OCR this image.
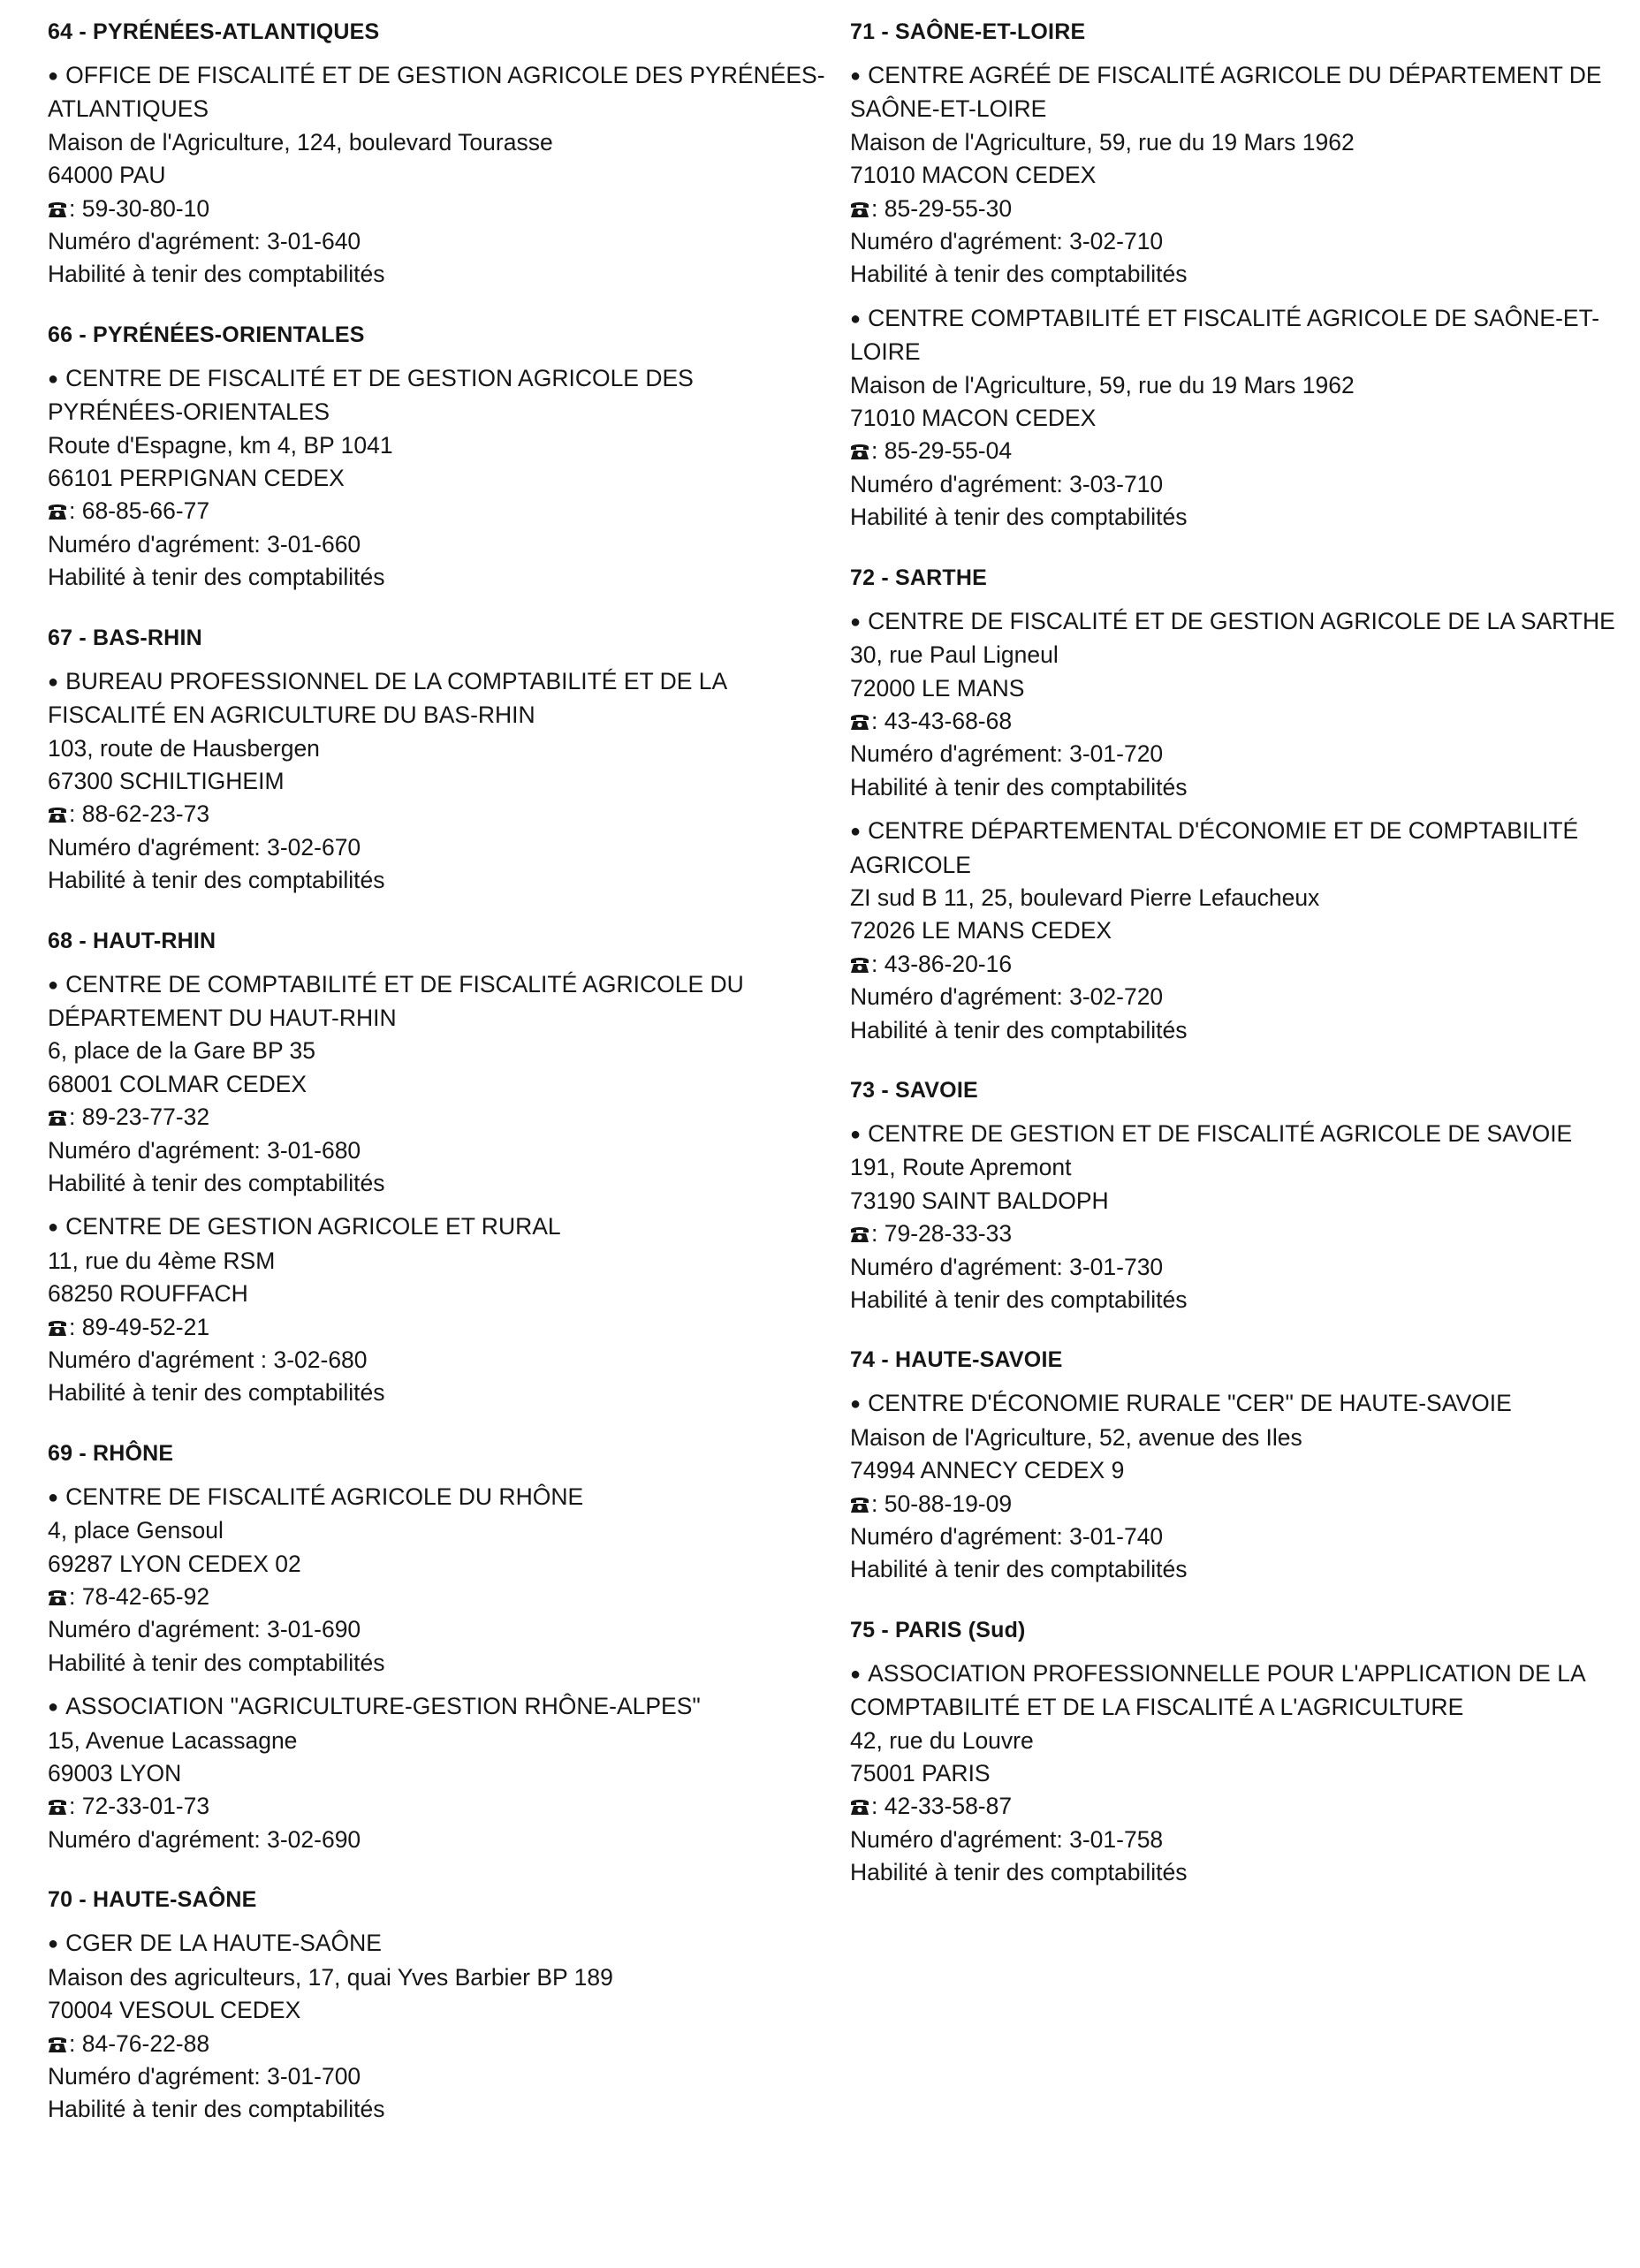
64 - PYRÉNÉES-ATLANTIQUES
● OFFICE DE FISCALITÉ ET DE GESTION AGRICOLE DES PYRÉNÉES-ATLANTIQUES
Maison de l'Agriculture, 124, boulevard Tourasse
64000 PAU
: 59-30-80-10
Numéro d'agrément: 3-01-640
Habilité à tenir des comptabilités
66 - PYRÉNÉES-ORIENTALES
● CENTRE DE FISCALITÉ ET DE GESTION AGRICOLE DES PYRÉNÉES-ORIENTALES
Route d'Espagne, km 4, BP 1041
66101 PERPIGNAN CEDEX
: 68-85-66-77
Numéro d'agrément: 3-01-660
Habilité à tenir des comptabilités
67 - BAS-RHIN
● BUREAU PROFESSIONNEL DE LA COMPTABILITÉ ET DE LA FISCALITÉ EN AGRICULTURE DU BAS-RHIN
103, route de Hausbergen
67300 SCHILTIGHEIM
: 88-62-23-73
Numéro d'agrément: 3-02-670
Habilité à tenir des comptabilités
68 - HAUT-RHIN
● CENTRE DE COMPTABILITÉ ET DE FISCALITÉ AGRICOLE DU DÉPARTEMENT DU HAUT-RHIN
6, place de la Gare BP 35
68001 COLMAR CEDEX
: 89-23-77-32
Numéro d'agrément: 3-01-680
Habilité à tenir des comptabilités
● CENTRE DE GESTION AGRICOLE ET RURAL
11, rue du 4ème RSM
68250 ROUFFACH
: 89-49-52-21
Numéro d'agrément : 3-02-680
Habilité à tenir des comptabilités
69 - RHÔNE
● CENTRE DE FISCALITÉ AGRICOLE DU RHÔNE
4, place Gensoul
69287 LYON CEDEX 02
: 78-42-65-92
Numéro d'agrément: 3-01-690
Habilité à tenir des comptabilités
● ASSOCIATION "AGRICULTURE-GESTION RHÔNE-ALPES"
15, Avenue Lacassagne
69003 LYON
: 72-33-01-73
Numéro d'agrément: 3-02-690
70 - HAUTE-SAÔNE
● CGER DE LA HAUTE-SAÔNE
Maison des agriculteurs, 17, quai Yves Barbier BP 189
70004 VESOUL CEDEX
: 84-76-22-88
Numéro d'agrément: 3-01-700
Habilité à tenir des comptabilités
71 - SAÔNE-ET-LOIRE
● CENTRE AGRÉÉ DE FISCALITÉ AGRICOLE DU DÉPARTEMENT DE SAÔNE-ET-LOIRE
Maison de l'Agriculture, 59, rue du 19 Mars 1962
71010 MACON CEDEX
: 85-29-55-30
Numéro d'agrément: 3-02-710
Habilité à tenir des comptabilités
● CENTRE COMPTABILITÉ ET FISCALITÉ AGRICOLE DE SAÔNE-ET-LOIRE
Maison de l'Agriculture, 59, rue du 19 Mars 1962
71010 MACON CEDEX
: 85-29-55-04
Numéro d'agrément: 3-03-710
Habilité à tenir des comptabilités
72 - SARTHE
● CENTRE DE FISCALITÉ ET DE GESTION AGRICOLE DE LA SARTHE
30, rue Paul Ligneul
72000 LE MANS
: 43-43-68-68
Numéro d'agrément: 3-01-720
Habilité à tenir des comptabilités
● CENTRE DÉPARTEMENTAL D'ÉCONOMIE ET DE COMPTABILITÉ AGRICOLE
ZI sud B 11, 25, boulevard Pierre Lefaucheux
72026 LE MANS CEDEX
: 43-86-20-16
Numéro d'agrément: 3-02-720
Habilité à tenir des comptabilités
73 - SAVOIE
● CENTRE DE GESTION ET DE FISCALITÉ AGRICOLE DE SAVOIE
191, Route Apremont
73190 SAINT BALDOPH
: 79-28-33-33
Numéro d'agrément: 3-01-730
Habilité à tenir des comptabilités
74 - HAUTE-SAVOIE
● CENTRE D'ÉCONOMIE RURALE "CER" DE HAUTE-SAVOIE
Maison de l'Agriculture, 52, avenue des Iles
74994 ANNECY CEDEX 9
: 50-88-19-09
Numéro d'agrément: 3-01-740
Habilité à tenir des comptabilités
75 - PARIS (Sud)
● ASSOCIATION PROFESSIONNELLE POUR L'APPLICATION DE LA COMPTABILITÉ ET DE LA FISCALITÉ A L'AGRICULTURE
42, rue du Louvre
75001 PARIS
: 42-33-58-87
Numéro d'agrément: 3-01-758
Habilité à tenir des comptabilités
